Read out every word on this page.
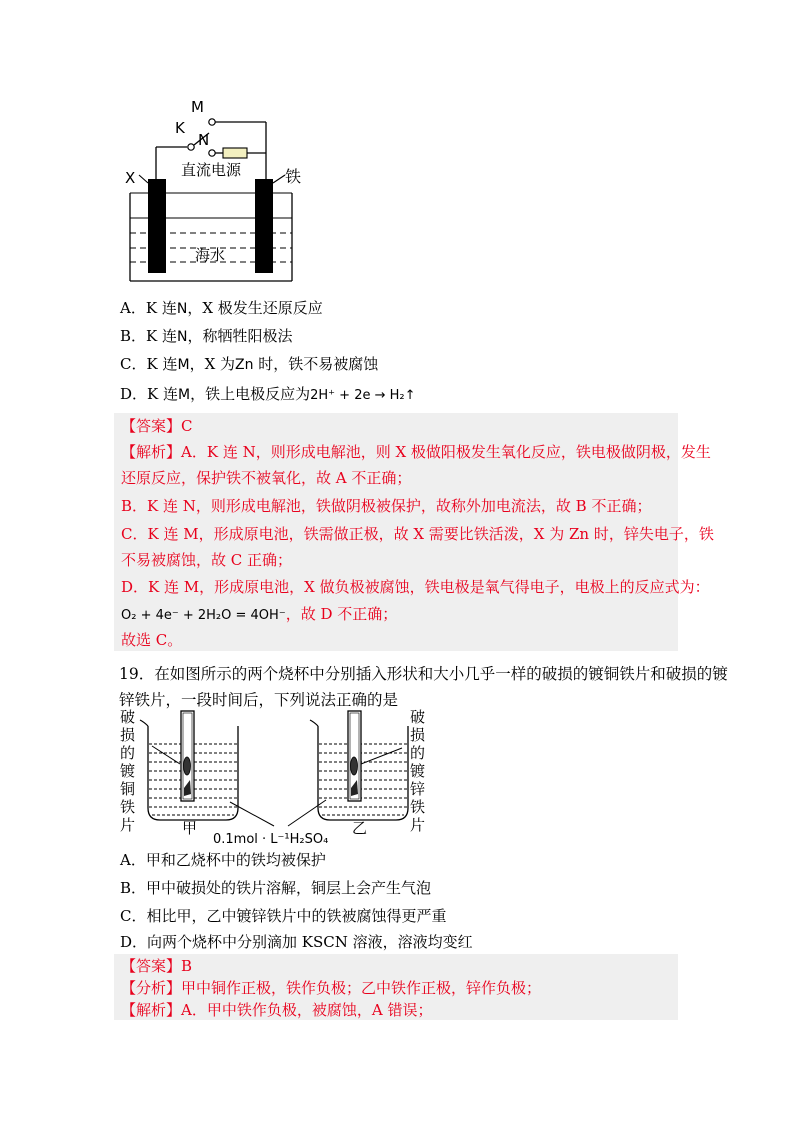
M
K
N
X	铁
直流电源
海水
A．K 连N，X 极发生还原反应
B．K 连N，称牺牲阳极法
C．K 连M，X 为Zn 时，铁不易被腐蚀
D．K 连M，铁上电极反应为2H⁺ + 2e → H₂↑
【答案】C
【解析】A．K 连 N，则形成电解池，则 X 极做阳极发生氧化反应，铁电极做阴极，发生
还原反应，保护铁不被氧化，故 A 不正确；
B．K 连 N，则形成电解池，铁做阴极被保护，故称外加电流法，故 B 不正确；
C．K 连 M，形成原电池，铁需做正极，故 X 需要比铁活泼，X 为 Zn 时，锌失电子，铁
不易被腐蚀，故 C 正确；
D．K 连 M，形成原电池，X 做负极被腐蚀，铁电极是氧气得电子，电极上的反应式为：
O₂ + 4e⁻ + 2H₂O = 4OH⁻，故 D 不正确；
故选 C。
19．在如图所示的两个烧杯中分别插入形状和大小几乎一样的破损的镀铜铁片和破损的镀
锌铁片，一段时间后，下列说法正确的是
破损的镀铜铁片
破损的镀锌铁片
甲	乙
0.1mol · L⁻¹H₂SO₄
A．甲和乙烧杯中的铁均被保护
B．甲中破损处的铁片溶解，铜层上会产生气泡
C．相比甲，乙中镀锌铁片中的铁被腐蚀得更严重
D．向两个烧杯中分别滴加 KSCN 溶液，溶液均变红
【答案】B
【分析】甲中铜作正极，铁作负极；乙中铁作正极，锌作负极；
【解析】A．甲中铁作负极，被腐蚀，A 错误；
